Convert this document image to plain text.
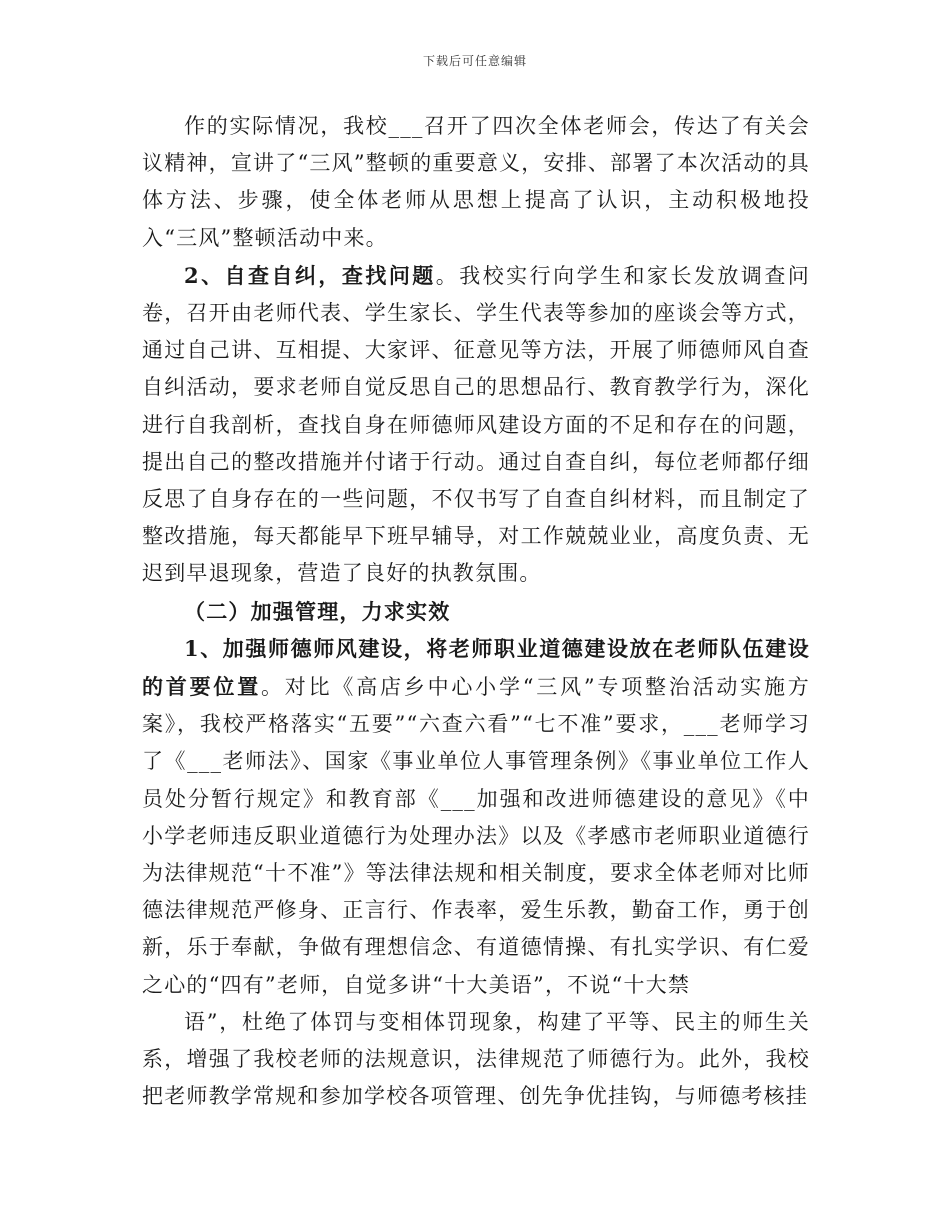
下载后可任意编辑

作的实际情况，我校___召开了四次全体老师会，传达了有关会议精神，宣讲了“三风”整顿的重要意义，安排、部署了本次活动的具体方法、步骤，使全体老师从思想上提高了认识，主动积极地投入“三风”整顿活动中来。

2、自查自纠，查找问题。我校实行向学生和家长发放调查问卷，召开由老师代表、学生家长、学生代表等参加的座谈会等方式，通过自己讲、互相提、大家评、征意见等方法，开展了师德师风自查自纠活动，要求老师自觉反思自己的思想品行、教育教学行为，深化进行自我剖析，查找自身在师德师风建设方面的不足和存在的问题，提出自己的整改措施并付诸于行动。通过自查自纠，每位老师都仔细反思了自身存在的一些问题，不仅书写了自查自纠材料，而且制定了整改措施，每天都能早下班早辅导，对工作兢兢业业，高度负责、无迟到早退现象，营造了良好的执教氛围。

（二）加强管理，力求实效

1、加强师德师风建设，将老师职业道德建设放在老师队伍建设的首要位置。对比《高店乡中心小学“三风”专项整治活动实施方案》，我校严格落实“五要”“六查六看”“七不准”要求，___老师学习了《___老师法》、国家《事业单位人事管理条例》《事业单位工作人员处分暂行规定》和教育部《___加强和改进师德建设的意见》《中小学老师违反职业道德行为处理办法》以及《孝感市老师职业道德行为法律规范“十不准”》等法律法规和相关制度，要求全体老师对比师德法律规范严修身、正言行、作表率，爱生乐教，勤奋工作，勇于创新，乐于奉献，争做有理想信念、有道德情操、有扎实学识、有仁爱之心的“四有”老师，自觉多讲“十大美语”，不说“十大禁

语”，杜绝了体罚与变相体罚现象，构建了平等、民主的师生关系，增强了我校老师的法规意识，法律规范了师德行为。此外，我校把老师教学常规和参加学校各项管理、创先争优挂钩，与师德考核挂
